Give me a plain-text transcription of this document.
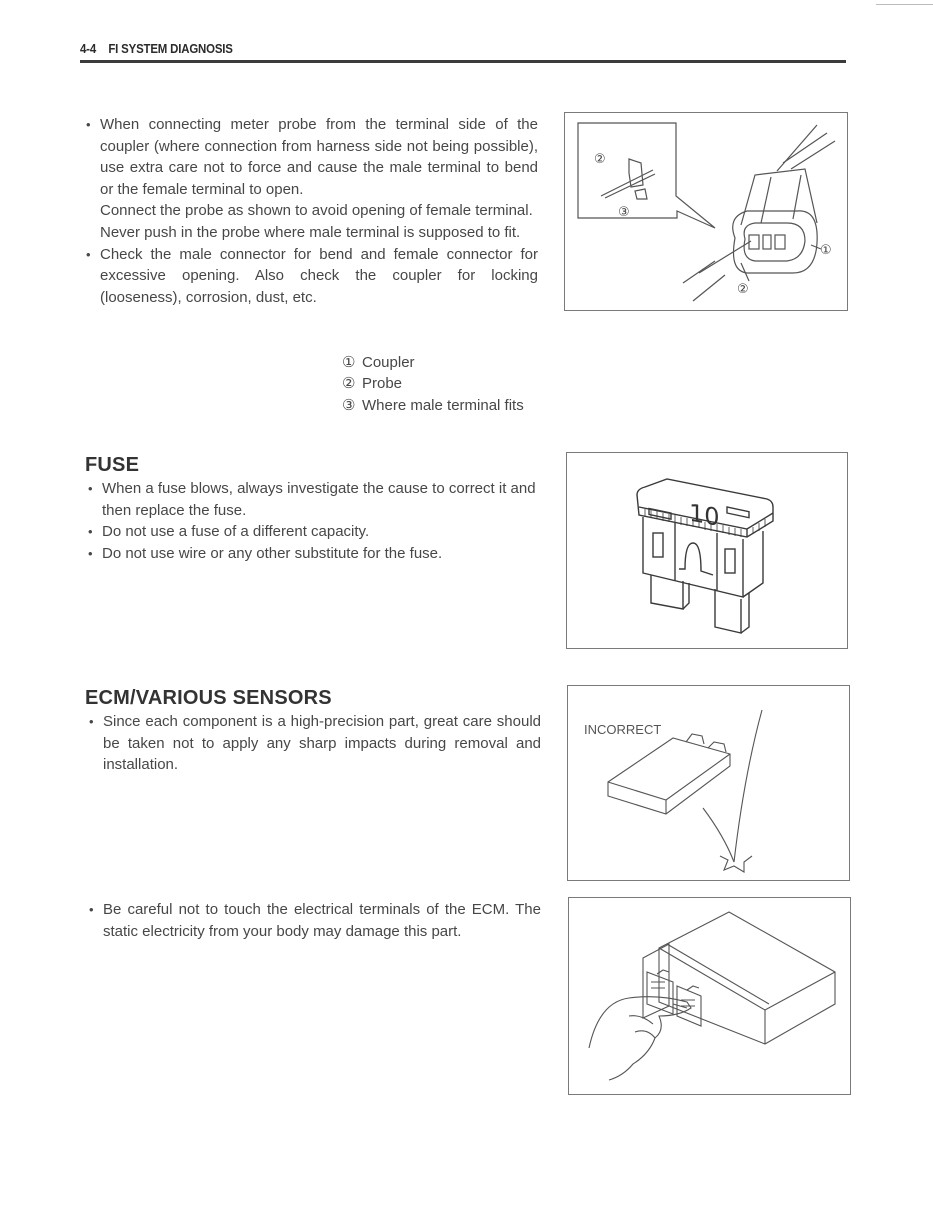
4-4 FI SYSTEM DIAGNOSIS
• When connecting meter probe from the terminal side of the coupler (where connection from harness side not being possible), use extra care not to force and cause the male terminal to bend or the female terminal to open.
Connect the probe as shown to avoid opening of female terminal.
Never push in the probe where male terminal is supposed to fit.
• Check the male connector for bend and female connector for excessive opening. Also check the coupler for locking (looseness), corrosion, dust, etc.
① Coupler
② Probe
③ Where male terminal fits
②
③
①
②
FUSE
• When a fuse blows, always investigate the cause to correct it and then replace the fuse.
• Do not use a fuse of a different capacity.
• Do not use wire or any other substitute for the fuse.
10
ECM/VARIOUS SENSORS
• Since each component is a high-precision part, great care should be taken not to apply any sharp impacts during removal and installation.
• Be careful not to touch the electrical terminals of the ECM. The static electricity from your body may damage this part.
INCORRECT
